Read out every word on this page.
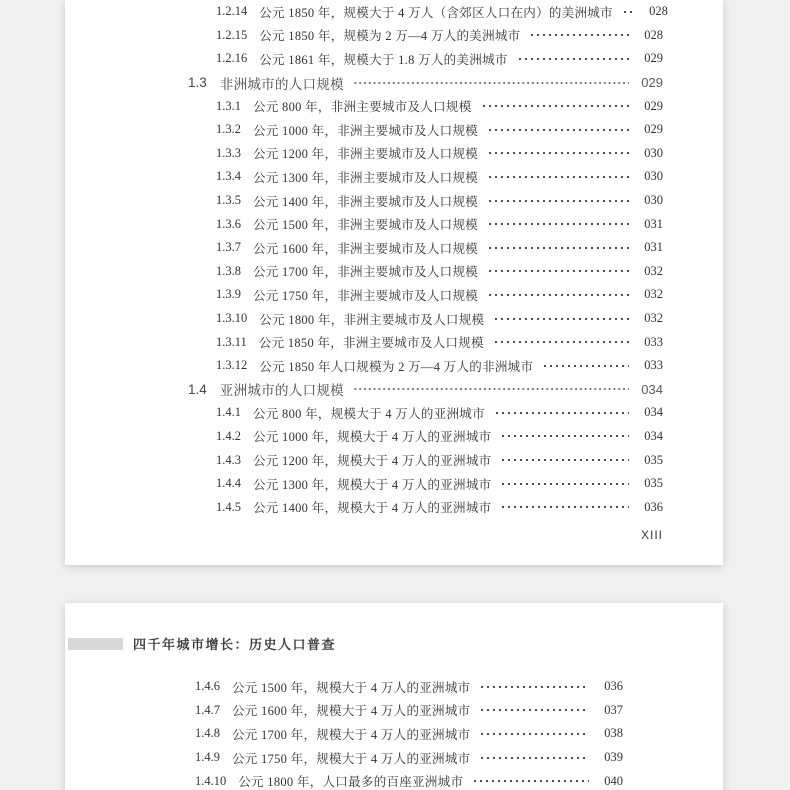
1.2.14 公元 1850 年，规模大于 4 万人（含郊区人口在内）的美洲城市	028
1.2.15 公元 1850 年，规模为 2 万—4 万人的美洲城市	028
1.2.16 公元 1861 年，规模大于 1.8 万人的美洲城市	029
1.3 非洲城市的人口规模	029
1.3.1 公元 800 年，非洲主要城市及人口规模	029
1.3.2 公元 1000 年，非洲主要城市及人口规模	029
1.3.3 公元 1200 年，非洲主要城市及人口规模	030
1.3.4 公元 1300 年，非洲主要城市及人口规模	030
1.3.5 公元 1400 年，非洲主要城市及人口规模	030
1.3.6 公元 1500 年，非洲主要城市及人口规模	031
1.3.7 公元 1600 年，非洲主要城市及人口规模	031
1.3.8 公元 1700 年，非洲主要城市及人口规模	032
1.3.9 公元 1750 年，非洲主要城市及人口规模	032
1.3.10 公元 1800 年，非洲主要城市及人口规模	032
1.3.11 公元 1850 年，非洲主要城市及人口规模	033
1.3.12 公元 1850 年人口规模为 2 万—4 万人的非洲城市	033
1.4 亚洲城市的人口规模	034
1.4.1 公元 800 年，规模大于 4 万人的亚洲城市	034
1.4.2 公元 1000 年，规模大于 4 万人的亚洲城市	034
1.4.3 公元 1200 年，规模大于 4 万人的亚洲城市	035
1.4.4 公元 1300 年，规模大于 4 万人的亚洲城市	035
1.4.5 公元 1400 年，规模大于 4 万人的亚洲城市	036
XIII
四千年城市增长：历史人口普查
1.4.6 公元 1500 年，规模大于 4 万人的亚洲城市	036
1.4.7 公元 1600 年，规模大于 4 万人的亚洲城市	037
1.4.8 公元 1700 年，规模大于 4 万人的亚洲城市	038
1.4.9 公元 1750 年，规模大于 4 万人的亚洲城市	039
1.4.10 公元 1800 年，人口最多的百座亚洲城市	040
